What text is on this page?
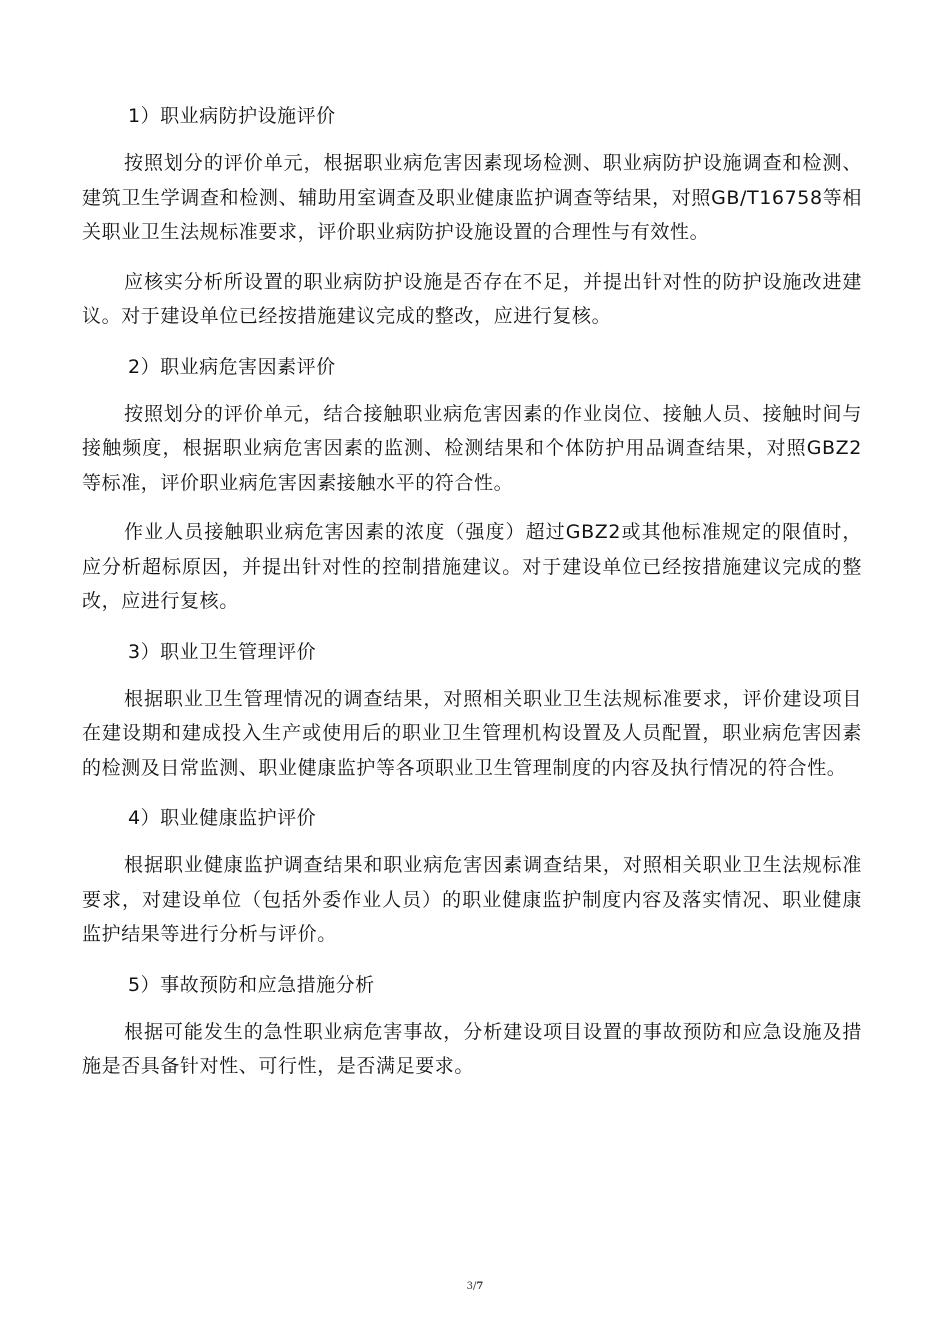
1）职业病防护设施评价

按照划分的评价单元，根据职业病危害因素现场检测、职业病防护设施调查和检测、建筑卫生学调查和检测、辅助用室调查及职业健康监护调查等结果，对照GB/T16758等相关职业卫生法规标准要求，评价职业病防护设施设置的合理性与有效性。

应核实分析所设置的职业病防护设施是否存在不足，并提出针对性的防护设施改进建议。对于建设单位已经按措施建议完成的整改，应进行复核。

2）职业病危害因素评价

按照划分的评价单元，结合接触职业病危害因素的作业岗位、接触人员、接触时间与接触频度，根据职业病危害因素的监测、检测结果和个体防护用品调查结果，对照GBZ2等标准，评价职业病危害因素接触水平的符合性。

作业人员接触职业病危害因素的浓度（强度）超过GBZ2或其他标准规定的限值时，应分析超标原因，并提出针对性的控制措施建议。对于建设单位已经按措施建议完成的整改，应进行复核。

3）职业卫生管理评价

根据职业卫生管理情况的调查结果，对照相关职业卫生法规标准要求，评价建设项目在建设期和建成投入生产或使用后的职业卫生管理机构设置及人员配置，职业病危害因素的检测及日常监测、职业健康监护等各项职业卫生管理制度的内容及执行情况的符合性。

4）职业健康监护评价

根据职业健康监护调查结果和职业病危害因素调查结果，对照相关职业卫生法规标准要求，对建设单位（包括外委作业人员）的职业健康监护制度内容及落实情况、职业健康监护结果等进行分析与评价。

5）事故预防和应急措施分析

根据可能发生的急性职业病危害事故，分析建设项目设置的事故预防和应急设施及措施是否具备针对性、可行性，是否满足要求。

3/7
